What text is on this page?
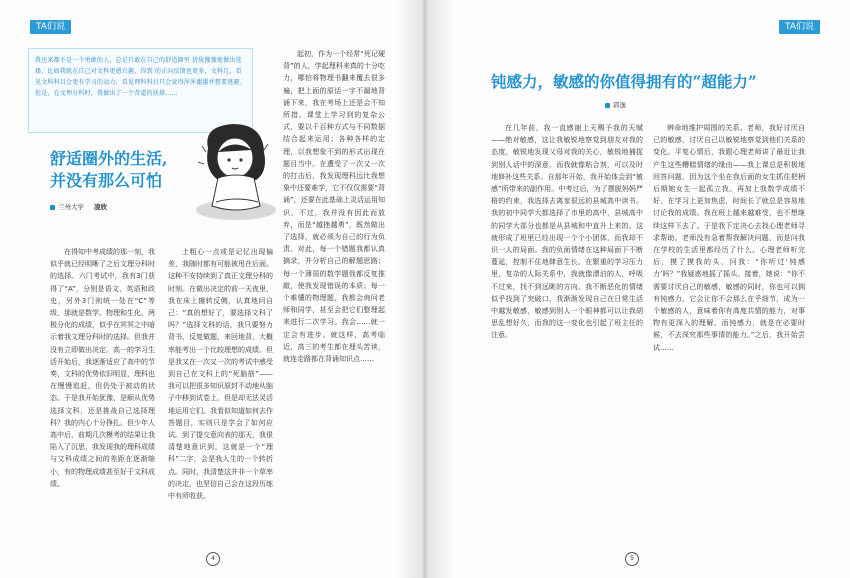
TA们说

我也来都不是一个勇敢的人，总是只敢在自己的舒适圈里 犹犹豫豫地做出选择，比如我就在自己对文科更感兴趣，得到 的正向反馈也更多，文科几，看见文科科目会更有学习的动力，看见理科科目只会觉得浑浑噩噩并想要逃避。 但是，在文理分科时，我做出了一个背道的抉择……

舒适圈外的生活,
并没有那么可怕
兰州大学 凌欣

在得知中考成绩的那一刻，我似乎就已经明晰了之后文理分科时的选择。六门考试中，我有3门获得了“A”，分别是语文、英语和政史，另外3门则统一处在“C”等级，那就是数学、物理和生化，两极分化的成绩，似乎在冥冥之中暗示着我文理分科时的选择。但我并没有立即做出决定。高一的学习生活开始后，我逐渐适应了高中的节奏，文科的优势依旧明显，理科也在慢慢追赶，但仍处于被动的状态。于是我开始犹豫，是顺从优势选择文科，还是挑战自己选择理科？我的内心十分挣扎。但少年人高中后，前期几次模考的结果让我陷入了沉思，我发现我的理科成绩与文科成绩之间的差距在逐渐缩小，有的物理成绩甚至好于文科成绩。

上粗心一点或是记忆出现偏差，我随时都有可能被甩在后面。这种不安持续到了真正文理分科的时刻。在做出决定的前一天夜里，我在床上辗转反侧，认真地问自己：“真的想好了，要选择文科了吗？”选择文科的话，我只要努力背书、反复做题，来回地背，大概率能考出一个比较理想的成绩。但是我又在一次又一次的考试中感受到自己在文科上的“死脑筋”——我可以把很多知识原封不动地从脑子中移到试卷上，但是却无法灵活地运用它们。我看似知道如何去作答题目，实则只是学会了如何应试。到了提交意向表的那天，我很清楚地意识到，这就是一个“理科”二字，会是我人生的一个转折点。同时，我清楚这并非一个草率的决定，也坚信自己会在这段历练中有所收获。

起初，作为一个经常“死记硬背”的人，学起理科来真的十分吃力，哪怕将物理书翻来覆去很多遍，把上面的原话一字不漏地背诵下来，我在考场上还是会不知所措。课堂上学习到的复杂公式，要以千百种方式与不同数据结合起来运用；各种各样的定理，以我想象不到的形式出现在题目当中。在遭受了一次又一次的打击后，我发现理科远比我想象中还要难学，它不仅仅需要“背诵”，还要在此基础上灵活运用知识。不过，我并没有因此而放弃，而是“越挫越勇”，既然做出了选择，就必须为自己的行为负责。对此，每一个错题我都认真摘录，并分析自己的解题思路；每一个薄弱的数学题我都反复推敲，使我发现错误的本质；每一个难懂的物理题，我都会询问老师和同学，甚至会把它们整理起来进行二次学习。我会……就一定会有进步。就这样，高考临近，高三的考生都在埋头苦读，就连走路都在背诵知识点……

4
TA们说
钝感力，敏感的你值得拥有的“超能力”
郭逸

在几年前，我一直感谢上天赐予我的天赋——绝对敏感，这让我敏锐地察觉到朋友对我的态度，敏锐地发现父母对我的关心，敏锐地捕捉到别人话中的深意，而我就像粘合剂，可以及时地修补这些关系。自那年开始，我开始体会到“敏感”所带来的副作用。中考过后，为了摆脱妈妈严格的约束，我选择去离家很远的县城高中读书。我的初中同学大都选择了市里的高中，县城高中的同学大部分也都是从县城和中直升上来的。这就形成了班里已经出现一个个小团体，而我却不识一人的局面。我的负面情绪在这种局面下不断蔓延，控制不住地肆意生长。在繁重的学习压力里，复杂的人际关系中，我就像漂泊的人，呼吸不过来，找不到远眺的方向。我不断恶化的情绪似乎找到了突破口，我渐渐发现自己在日常生活中越发敏感，敏感到别人一个眼神都可以让我胡思乱想好久，而我的这一变化也引起了班主任的注意。

辨命地维护周围的关系。老师，我好讨厌自己的敏感，讨厌自己以敏锐地察觉到他们关系的变化。平复心情后，我跟心理老师讲了最近让我产生这些糟糕情绪的缘由——我上课总是积极地回答问题，因为这个坐在我后面的女生抓住把柄后期她女生一起孤立我。再加上我数学成绩不好，在学习上更加焦虑，时间长了就总是容易地讨论我的成绩。我在班上越来越难受，也不想继续这样下去了。于是我下定决心去找心理老师寻求帮助。老师没有急着帮我解决问题，而是问我在学校的生活里都经历了什么。心理老师听完后，摸了摸我的头，问我：“你听过‘钝感力’吗？”我疑惑地摇了摇头。接着，她说：“你不需要讨厌自己的敏感，敏感的同时，你也可以拥有钝感力，它会让你不会那么在乎细节，成为一个敏感的人，意味着你有高度共情的能力，对事物有更深入的理解，而钝感力，就是在必要时候，不去深究那些事情的能力。”之后，我开始尝试……

5
